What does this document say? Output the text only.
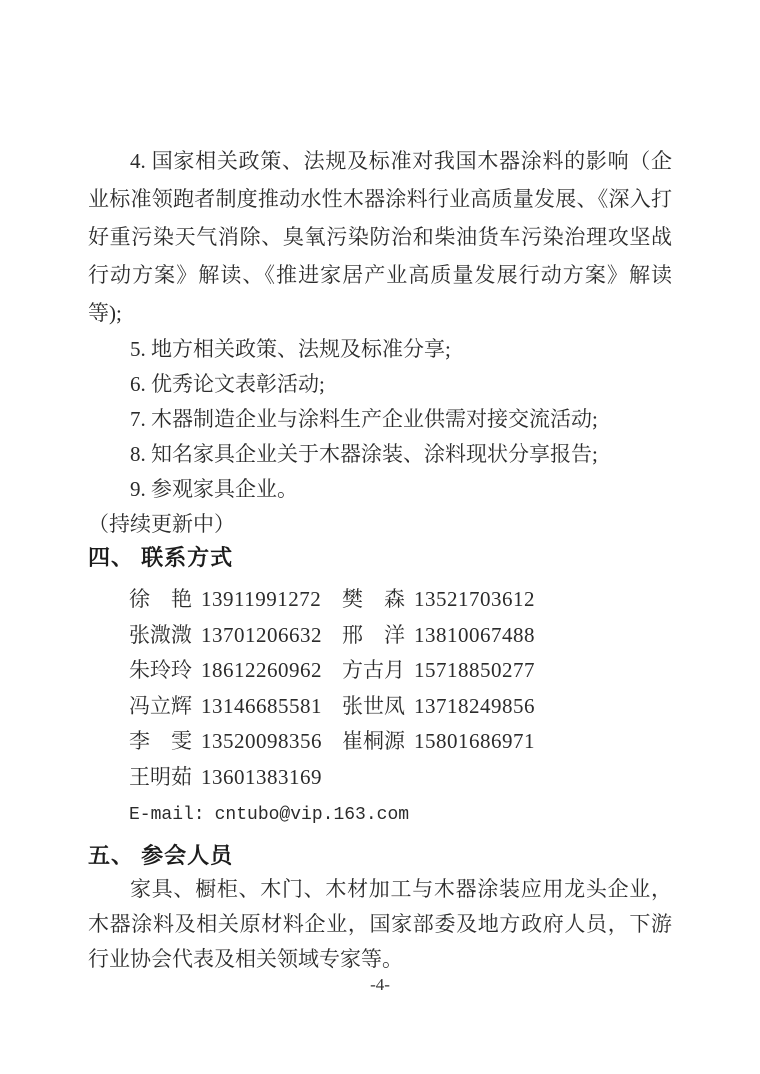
4. 国家相关政策、法规及标准对我国木器涂料的影响（企业标准领跑者制度推动水性木器涂料行业高质量发展、《深入打好重污染天气消除、臭氧污染防治和柴油货车污染治理攻坚战行动方案》解读、《推进家居产业高质量发展行动方案》解读等);

5. 地方相关政策、法规及标准分享;

6. 优秀论文表彰活动;

7. 木器制造企业与涂料生产企业供需对接交流活动;

8. 知名家具企业关于木器涂装、涂料现状分享报告;

9. 参观家具企业。

（持续更新中）

四、 联系方式

徐　艳 13911991272 樊　森 13521703612
张溦溦 13701206632 邢　洋 13810067488
朱玲玲 18612260962 方古月 15718850277
冯立辉 13146685581 张世凤 13718249856
李　雯 13520098356 崔桐源 15801686971
王明茹 13601383169

E-mail: cntubo@vip.163.com

五、 参会人员

家具、橱柜、木门、木材加工与木器涂装应用龙头企业，木器涂料及相关原材料企业，国家部委及地方政府人员，下游行业协会代表及相关领域专家等。

-4-
